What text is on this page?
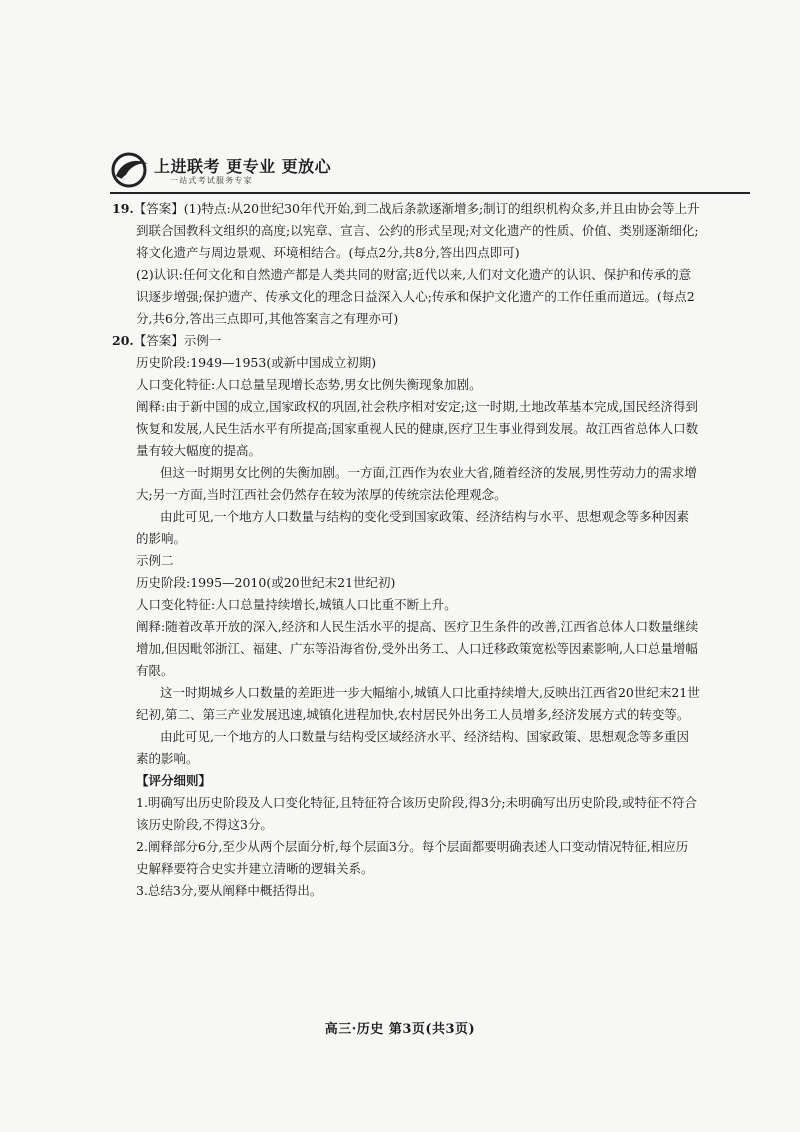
上进联考 更专业 更放心
一站式考试服务专家

19.【答案】(1)特点:从20世纪30年代开始,到二战后条款逐渐增多;制订的组织机构众多,并且由协会等上升到联合国教科文组织的高度;以宪章、宣言、公约的形式呈现;对文化遗产的性质、价值、类别逐渐细化;将文化遗产与周边景观、环境相结合。(每点2分,共8分,答出四点即可)

(2)认识:任何文化和自然遗产都是人类共同的财富;近代以来,人们对文化遗产的认识、保护和传承的意识逐步增强;保护遗产、传承文化的理念日益深入人心;传承和保护文化遗产的工作任重而道远。(每点2分,共6分,答出三点即可,其他答案言之有理亦可)

20.【答案】示例一

历史阶段:1949—1953(或新中国成立初期)

人口变化特征:人口总量呈现增长态势,男女比例失衡现象加剧。

阐释:由于新中国的成立,国家政权的巩固,社会秩序相对安定;这一时期,土地改革基本完成,国民经济得到恢复和发展,人民生活水平有所提高;国家重视人民的健康,医疗卫生事业得到发展。故江西省总体人口数量有较大幅度的提高。

但这一时期男女比例的失衡加剧。一方面,江西作为农业大省,随着经济的发展,男性劳动力的需求增大;另一方面,当时江西社会仍然存在较为浓厚的传统宗法伦理观念。

由此可见,一个地方人口数量与结构的变化受到国家政策、经济结构与水平、思想观念等多种因素的影响。

示例二

历史阶段:1995—2010(或20世纪末21世纪初)

人口变化特征:人口总量持续增长,城镇人口比重不断上升。

阐释:随着改革开放的深入,经济和人民生活水平的提高、医疗卫生条件的改善,江西省总体人口数量继续增加,但因毗邻浙江、福建、广东等沿海省份,受外出务工、人口迁移政策宽松等因素影响,人口总量增幅有限。

这一时期城乡人口数量的差距进一步大幅缩小,城镇人口比重持续增大,反映出江西省20世纪末21世纪初,第二、第三产业发展迅速,城镇化进程加快,农村居民外出务工人员增多,经济发展方式的转变等。

由此可见,一个地方的人口数量与结构受区域经济水平、经济结构、国家政策、思想观念等多重因素的影响。

【评分细则】

1.明确写出历史阶段及人口变化特征,且特征符合该历史阶段,得3分;未明确写出历史阶段,或特征不符合该历史阶段,不得这3分。

2.阐释部分6分,至少从两个层面分析,每个层面3分。每个层面都要明确表述人口变动情况特征,相应历史解释要符合史实并建立清晰的逻辑关系。

3.总结3分,要从阐释中概括得出。

高三·历史 第3页(共3页)
